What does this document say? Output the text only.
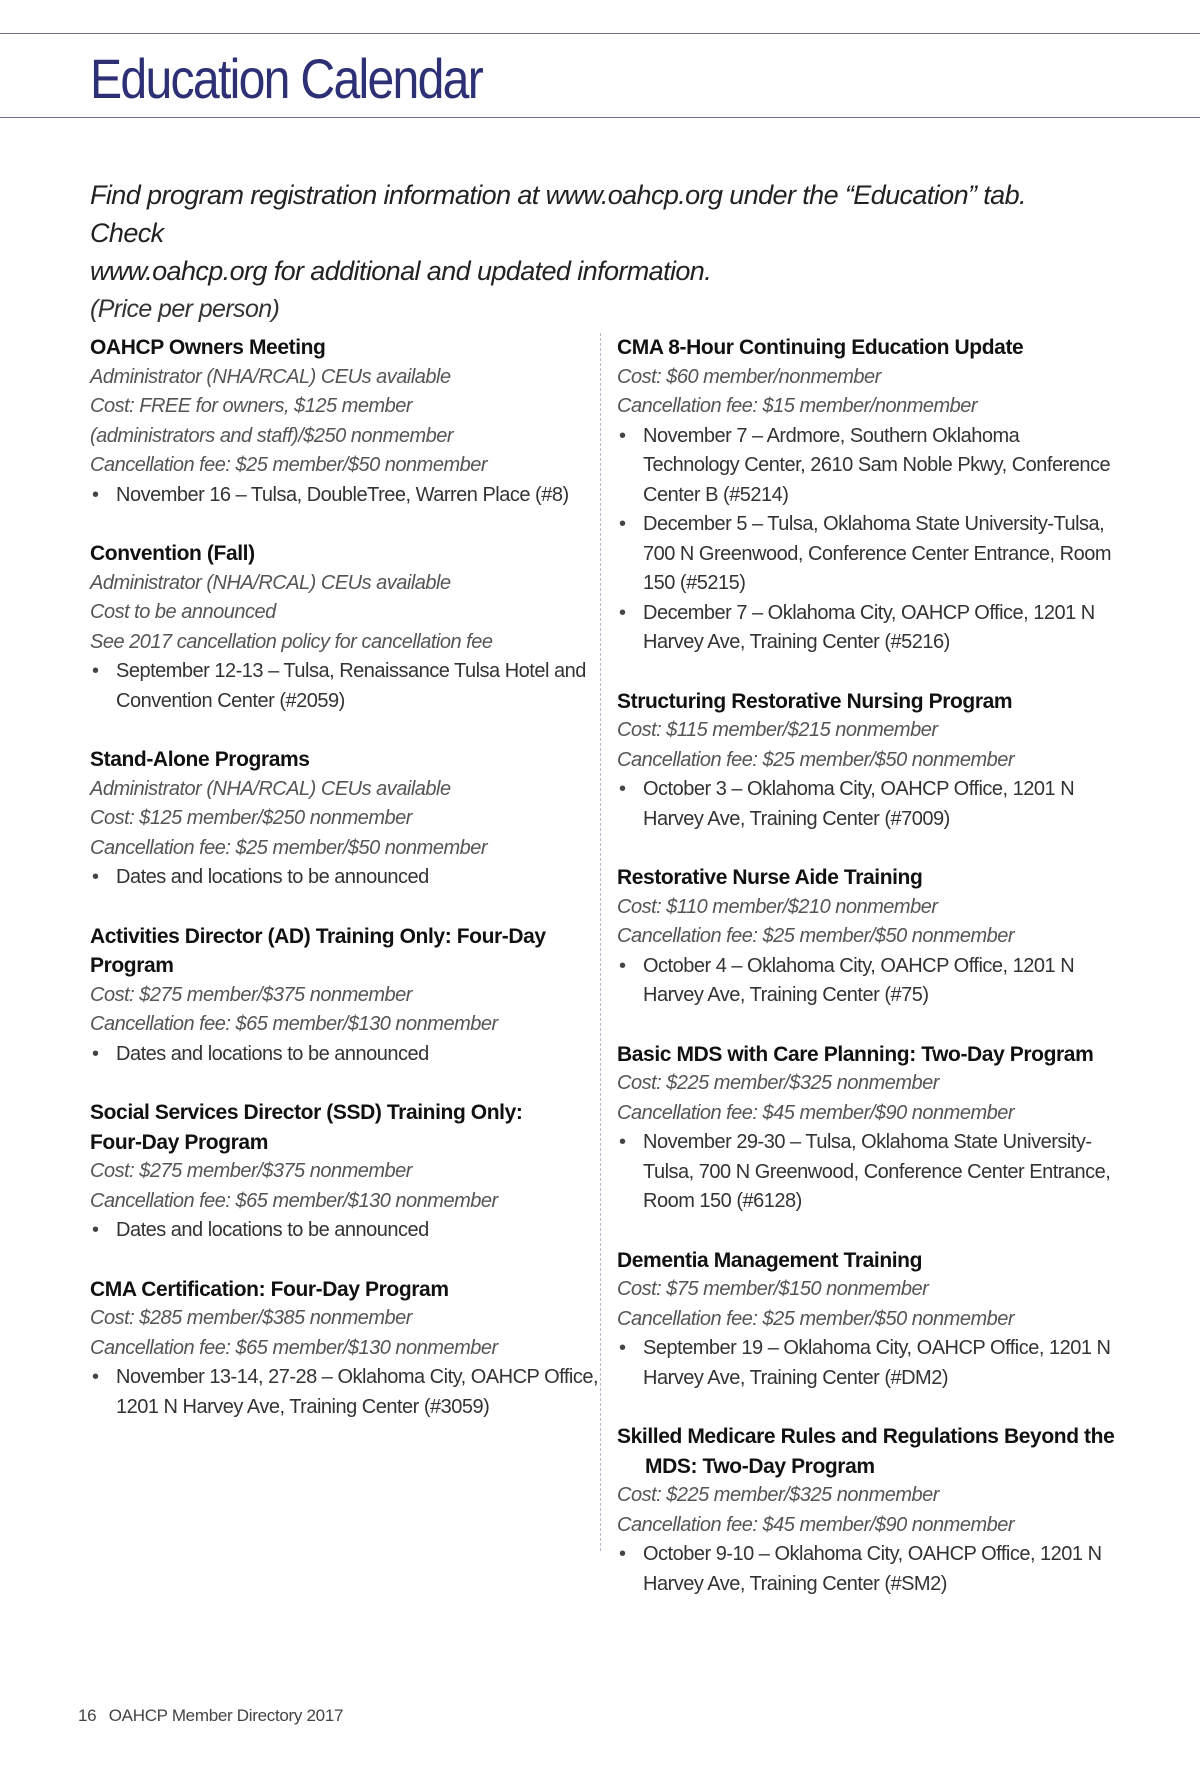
Education Calendar

Find program registration information at www.oahcp.org under the “Education” tab. Check

www.oahcp.org for additional and updated information.

(Price per person)

OAHCP Owners Meeting

Administrator (NHA/RCAL) CEUs available

Cost: FREE for owners, $125 member

(administrators and staff)/$250 nonmember

Cancellation fee: $25 member/$50 nonmember

• November 16 – Tulsa, DoubleTree, Warren Place (#8)
Convention (Fall)

Administrator (NHA/RCAL) CEUs available

Cost to be announced

See 2017 cancellation policy for cancellation fee

• September 12-13 – Tulsa, Renaissance Tulsa Hotel and Convention Center (#2059)
Stand-Alone Programs

Administrator (NHA/RCAL) CEUs available

Cost: $125 member/$250 nonmember

Cancellation fee: $25 member/$50 nonmember

• Dates and locations to be announced
Activities Director (AD) Training Only: Four-Day Program

Cost: $275 member/$375 nonmember

Cancellation fee: $65 member/$130 nonmember

• Dates and locations to be announced
Social Services Director (SSD) Training Only:
Four-Day Program

Cost: $275 member/$375 nonmember

Cancellation fee: $65 member/$130 nonmember

• Dates and locations to be announced
CMA Certification: Four-Day Program

Cost: $285 member/$385 nonmember

Cancellation fee: $65 member/$130 nonmember

• November 13-14, 27-28 – Oklahoma City, OAHCP Office, 1201 N Harvey Ave, Training Center (#3059)
CMA 8-Hour Continuing Education Update

Cost: $60 member/nonmember

Cancellation fee: $15 member/nonmember

• November 7 – Ardmore, Southern Oklahoma Technology Center, 2610 Sam Noble Pkwy, Conference Center B (#5214)
• December 5 – Tulsa, Oklahoma State University-Tulsa, 700 N Greenwood, Conference Center Entrance, Room 150 (#5215)
• December 7 – Oklahoma City, OAHCP Office, 1201 N Harvey Ave, Training Center (#5216)
Structuring Restorative Nursing Program

Cost: $115 member/$215 nonmember

Cancellation fee: $25 member/$50 nonmember

• October 3 – Oklahoma City, OAHCP Office, 1201 N Harvey Ave, Training Center (#7009)
Restorative Nurse Aide Training

Cost: $110 member/$210 nonmember

Cancellation fee: $25 member/$50 nonmember

• October 4 – Oklahoma City, OAHCP Office, 1201 N Harvey Ave, Training Center (#75)
Basic MDS with Care Planning: Two-Day Program

Cost: $225 member/$325 nonmember

Cancellation fee: $45 member/$90 nonmember

• November 29-30 – Tulsa, Oklahoma State University-Tulsa, 700 N Greenwood, Conference Center Entrance, Room 150 (#6128)
Dementia Management Training

Cost: $75 member/$150 nonmember

Cancellation fee: $25 member/$50 nonmember

• September 19 – Oklahoma City, OAHCP Office, 1201 N Harvey Ave, Training Center (#DM2)
Skilled Medicare Rules and Regulations Beyond the
MDS: Two-Day Program

Cost: $225 member/$325 nonmember

Cancellation fee: $45 member/$90 nonmember

• October 9-10 – Oklahoma City, OAHCP Office, 1201 N Harvey Ave, Training Center (#SM2)
16 OAHCP Member Directory 2017
